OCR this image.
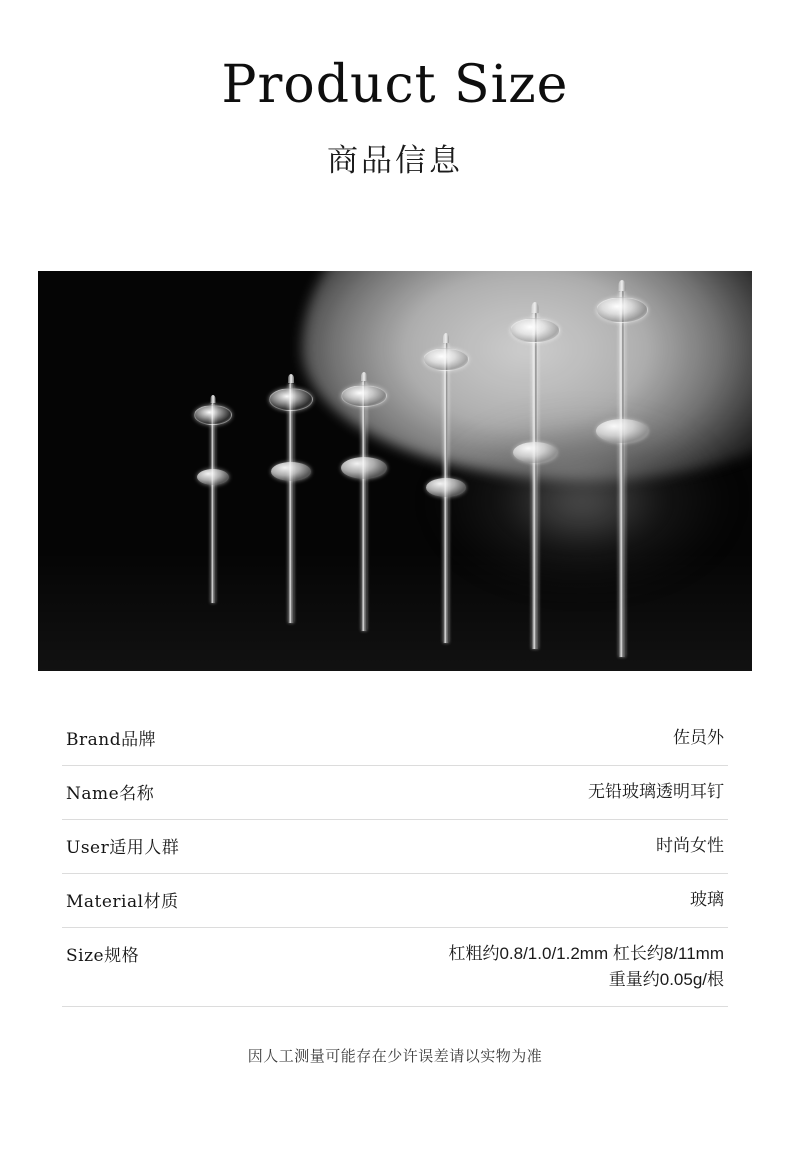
Product Size
商品信息
Brand品牌	佐员外
Name名称	无铅玻璃透明耳钉
User适用人群	时尚女性
Material材质	玻璃
Size规格	杠粗约0.8/1.0/1.2mm 杠长约8/11mm
重量约0.05g/根
因人工测量可能存在少许误差请以实物为准
